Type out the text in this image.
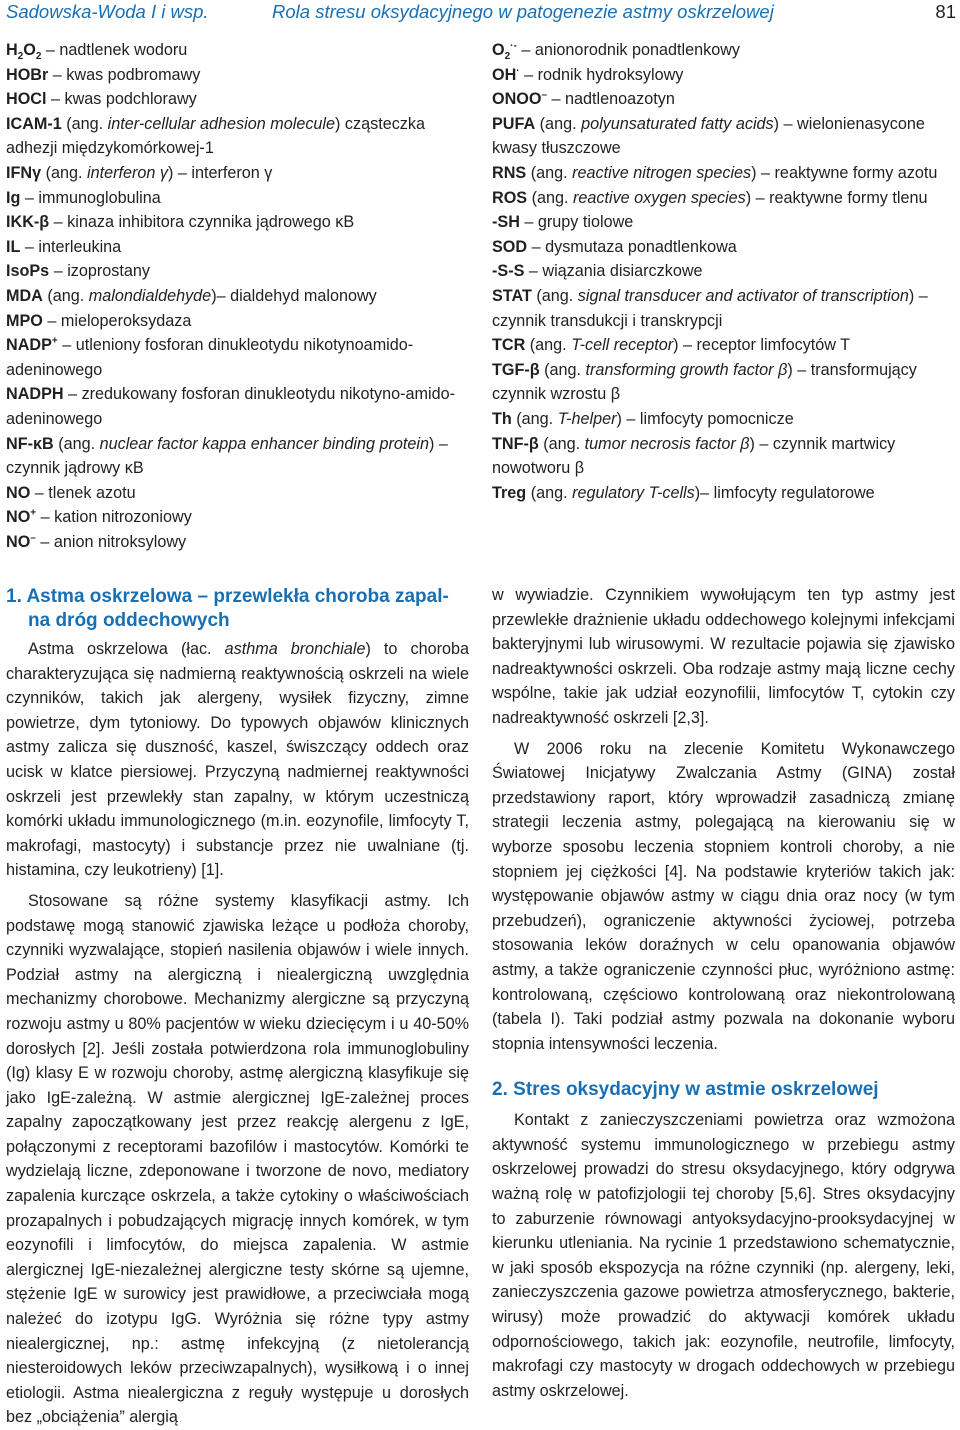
Sadowska-Woda I i wsp.	Rola stresu oksydacyjnego w patogenezie astmy oskrzelowej	81

$H_2O_2$ – nadtlenek wodoru

HOBr – kwas podbromawy

HOCl – kwas podchlorawy

ICAM-1 (ang. inter-cellular adhesion molecule) cząsteczka adhezji międzykomórkowej-1

IFNγ (ang. interferon γ) – interferon γ

Ig – immunoglobulina

IKK-β – kinaza inhibitora czynnika jądrowego κB

IL – interleukina

IsoPs – izoprostany

MDA (ang. malondialdehyde)– dialdehyd malonowy

MPO – mieloperoksydaza

NADP+ – utleniony fosforan dinukleotydu nikotynoamido-adeninowego

NADPH – zredukowany fosforan dinukleotydu nikotyno-amido-adeninowego

NF-κB (ang. nuclear factor kappa enhancer binding protein) – czynnik jądrowy κB

NO – tlenek azotu

NO+ – kation nitrozoniowy

NO– – anion nitroksylowy

$O_2^{\cdot-}$ – anionorodnik ponadtlenkowy

OH· – rodnik hydroksylowy

ONOO– – nadtlenoazotyn

PUFA (ang. polyunsaturated fatty acids) – wielonienasycone kwasy tłuszczowe

RNS (ang. reactive nitrogen species) – reaktywne formy azotu

ROS (ang. reactive oxygen species) – reaktywne formy tlenu

-SH – grupy tiolowe

SOD – dysmutaza ponadtlenkowa

-S-S – wiązania disiarczkowe

STAT (ang. signal transducer and activator of transcription) – czynnik transdukcji i transkrypcji

TCR (ang. T-cell receptor) – receptor limfocytów T

TGF-β (ang. transforming growth factor β) – transformujący czynnik wzrostu β

Th (ang. T-helper) – limfocyty pomocnicze

TNF-β (ang. tumor necrosis factor β) – czynnik martwicy nowotworu β

Treg (ang. regulatory T-cells)– limfocyty regulatorowe

1. Astma oskrzelowa – przewlekła choroba zapal-
na dróg oddechowych

Astma oskrzelowa (łac. asthma bronchiale) to choroba charakteryzująca się nadmierną reaktywnością oskrzeli na wiele czynników, takich jak alergeny, wysiłek fizyczny, zimne powietrze, dym tytoniowy. Do typowych objawów klinicznych astmy zalicza się duszność, kaszel, świszczący oddech oraz ucisk w klatce piersiowej. Przyczyną nadmiernej reaktywności oskrzeli jest przewlekły stan zapalny, w którym uczestniczą komórki układu immunologicznego (m.in. eozynofile, limfocyty T, makrofagi, mastocyty) i substancje przez nie uwalniane (tj. histamina, czy leukotrieny) [1].

Stosowane są różne systemy klasyfikacji astmy. Ich podstawę mogą stanowić zjawiska leżące u podłoża choroby, czynniki wyzwalające, stopień nasilenia objawów i wiele innych. Podział astmy na alergiczną i niealergiczną uwzględnia mechanizmy chorobowe. Mechanizmy alergiczne są przyczyną rozwoju astmy u 80% pacjentów w wieku dziecięcym i u 40-50% dorosłych [2]. Jeśli została potwierdzona rola immunoglobuliny (Ig) klasy E w rozwoju choroby, astmę alergiczną klasyfikuje się jako IgE-zależną. W astmie alergicznej IgE-zależnej proces zapalny zapoczątkowany jest przez reakcję alergenu z IgE, połączonymi z receptorami bazofilów i mastocytów. Komórki te wydzielają liczne, zdeponowane i tworzone de novo, mediatory zapalenia kurczące oskrzela, a także cytokiny o właściwościach prozapalnych i pobudzających migrację innych komórek, w tym eozynofili i limfocytów, do miejsca zapalenia. W astmie alergicznej IgE-niezależnej alergiczne testy skórne są ujemne, stężenie IgE w surowicy jest prawidłowe, a przeciwciała mogą należeć do izotypu IgG. Wyróżnia się różne typy astmy niealergicznej, np.: astmę infekcyjną (z nietolerancją niesteroidowych leków przeciwzapalnych), wysiłkową i o innej etiologii. Astma niealergiczna z reguły występuje u dorosłych bez „obciążenia” alergią

w wywiadzie. Czynnikiem wywołującym ten typ astmy jest przewlekłe drażnienie układu oddechowego kolejnymi infekcjami bakteryjnymi lub wirusowymi. W rezultacie pojawia się zjawisko nadreaktywności oskrzeli. Oba rodzaje astmy mają liczne cechy wspólne, takie jak udział eozynofilii, limfocytów T, cytokin czy nadreaktywność oskrzeli [2,3].

W 2006 roku na zlecenie Komitetu Wykonawczego Światowej Inicjatywy Zwalczania Astmy (GINA) został przedstawiony raport, który wprowadził zasadniczą zmianę strategii leczenia astmy, polegającą na kierowaniu się w wyborze sposobu leczenia stopniem kontroli choroby, a nie stopniem jej ciężkości [4]. Na podstawie kryteriów takich jak: występowanie objawów astmy w ciągu dnia oraz nocy (w tym przebudzeń), ograniczenie aktywności życiowej, potrzeba stosowania leków doraźnych w celu opanowania objawów astmy, a także ograniczenie czynności płuc, wyróżniono astmę: kontrolowaną, częściowo kontrolowaną oraz niekontrolowaną (tabela I). Taki podział astmy pozwala na dokonanie wyboru stopnia intensywności leczenia.

2. Stres oksydacyjny w astmie oskrzelowej

Kontakt z zanieczyszczeniami powietrza oraz wzmożona aktywność systemu immunologicznego w przebiegu astmy oskrzelowej prowadzi do stresu oksydacyjnego, który odgrywa ważną rolę w patofizjologii tej choroby [5,6]. Stres oksydacyjny to zaburzenie równowagi antyoksydacyjno-prooksydacyjnej w kierunku utleniania. Na rycinie 1 przedstawiono schematycznie, w jaki sposób ekspozycja na różne czynniki (np. alergeny, leki, zanieczyszczenia gazowe powietrza atmosferycznego, bakterie, wirusy) może prowadzić do aktywacji komórek układu odpornościowego, takich jak: eozynofile, neutrofile, limfocyty, makrofagi czy mastocyty w drogach oddechowych w przebiegu astmy oskrzelowej.
